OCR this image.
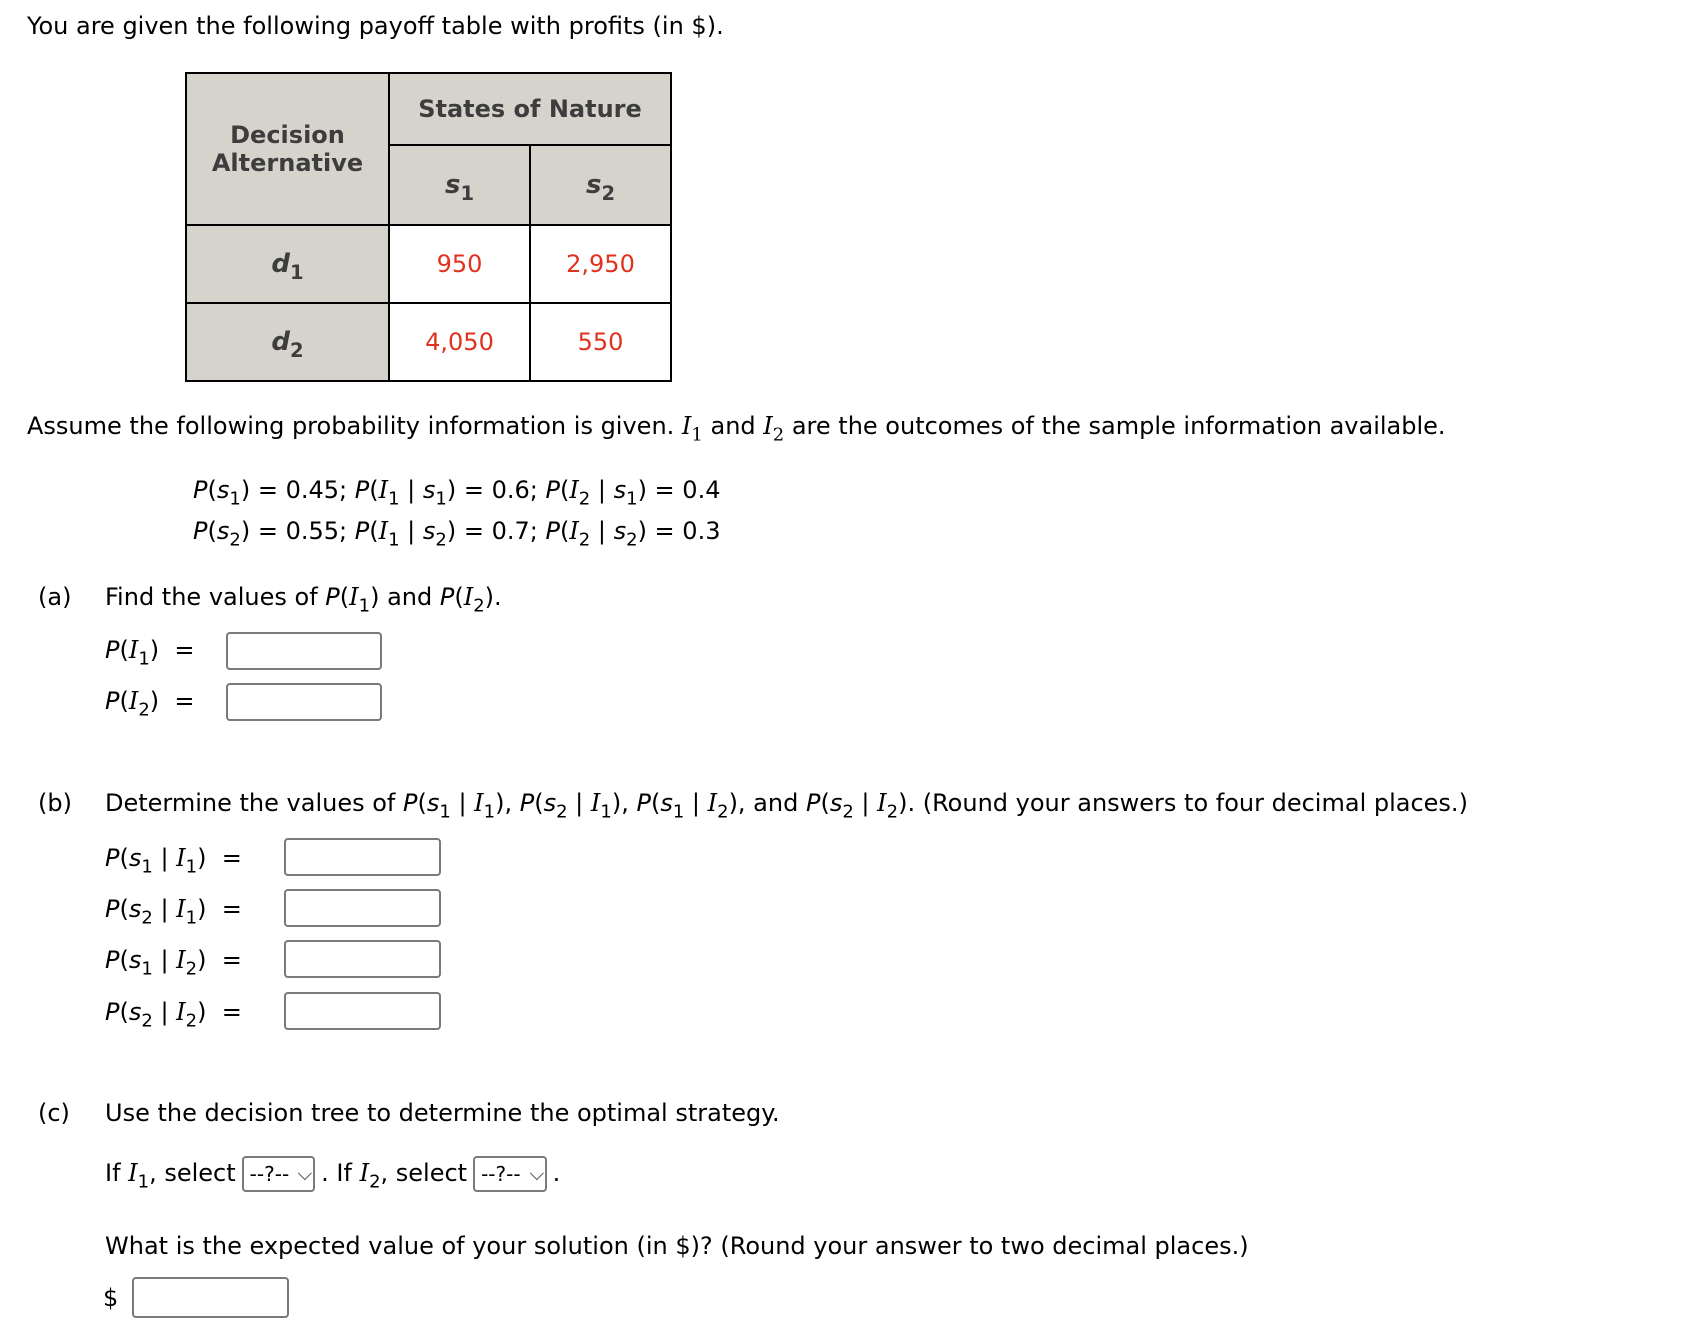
You are given the following payoff table with profits (in $).
Decision
Alternative	States of Nature	
	$s_1$	$s_2$
$d_1$	950	2,950
$d_2$	4,050	550
Assume the following probability information is given. $I_1$ and $I_2$ are the outcomes of the sample information available.
$P(s_1) = 0.45$; $P(I_1$ | $s_1) = 0.6$; $P(I_2$ | $s_1) = 0.4$
$P(s_2) = 0.55$; $P(I_1$ | $s_2) = 0.7$; $P(I_2$ | $s_2) = 0.3$
(a) Find the values of $P(I_1)$ and $P(I_2)$.
$P(I_1)$  =
$P(I_2)$  =
(b) Determine the values of $P(s_1$ | $I_1$), $P(s_2$ | $I_1$), $P(s_1$ | $I_2$), and $P(s_2$ | $I_2$). (Round your answers to four decimal places.)
$P(s_1$ | $I_1$)  =
$P(s_2$ | $I_1$)  =
$P(s_1$ | $I_2$)  =
$P(s_2$ | $I_2$)  =
(c) Use the decision tree to determine the optimal strategy.
If $I_1$, select --?-- . If $I_2$, select --?-- .
What is the expected value of your solution (in $)? (Round your answer to two decimal places.)
$
